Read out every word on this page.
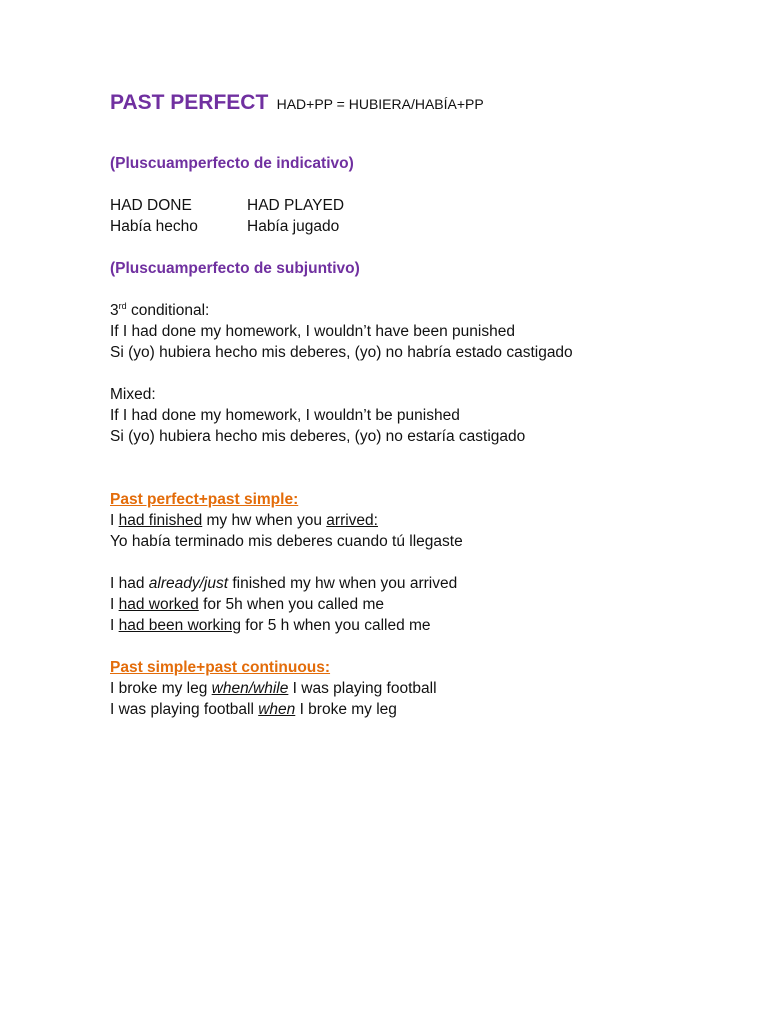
PAST PERFECT HAD+PP = HUBIERA/HABÍA+PP
(Pluscuamperfecto de indicativo)
HAD DONE	HAD PLAYED
Había hecho	Había jugado
(Pluscuamperfecto de subjuntivo)
3rd conditional:
If I had done my homework, I wouldn’t have been punished
Si (yo) hubiera hecho mis deberes, (yo) no habría estado castigado
Mixed:
If I had done my homework, I wouldn’t be punished
Si (yo) hubiera hecho mis deberes, (yo) no estaría castigado
Past perfect+past simple:
I had finished my hw when you arrived:
Yo había terminado mis deberes cuando tú llegaste
I had already/just finished my hw when you arrived
I had worked for 5h when you called me
I had been working for 5 h when you called me
Past simple+past continuous:
I broke my leg when/while I was playing football
I was playing football when I broke my leg
